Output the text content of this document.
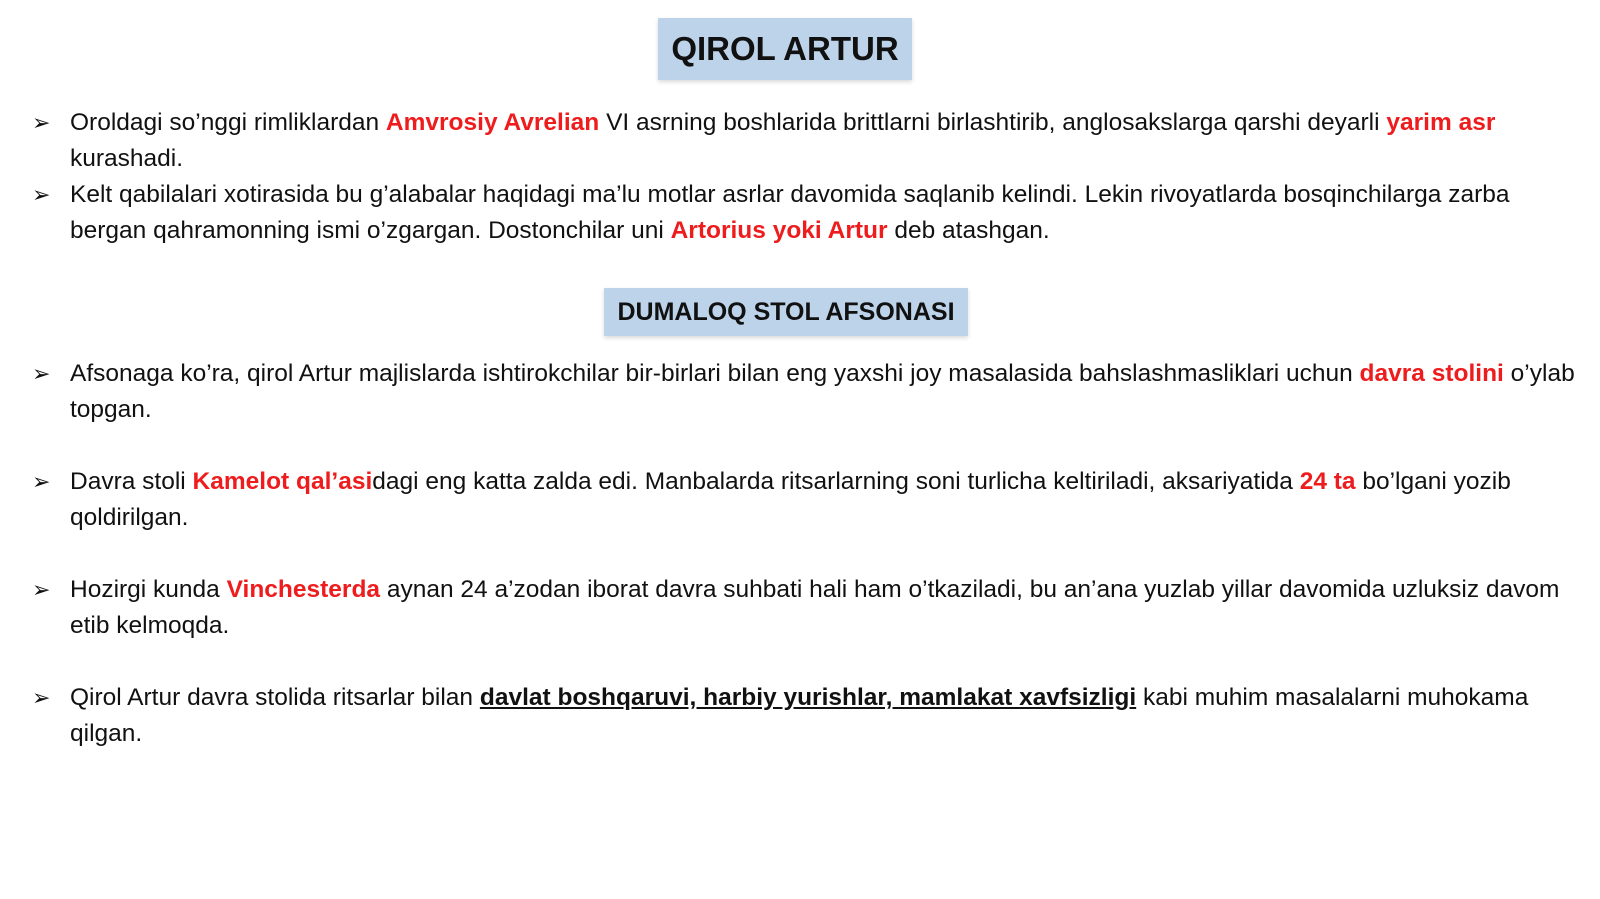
QIROL ARTUR
➢ Oroldagi so’nggi rimliklardan Amvrosiy Avrelian VI asrning boshlarida brittlarni birlashtirib, anglosakslarga qarshi deyarli yarim asr kurashadi.
➢ Kelt qabilalari xotirasida bu g’alabalar haqidagi ma’lu motlar asrlar davomida saqlanib kelindi. Lekin rivoyatlarda bosqinchilarga zarba bergan qahramonning ismi o’zgargan. Dostonchilar uni Artorius yoki Artur deb atashgan.
DUMALOQ STOL AFSONASI
➢ Afsonaga ko’ra, qirol Artur majlislarda ishtirokchilar bir-birlari bilan eng yaxshi joy masalasida bahslashmasliklari uchun davra stolini o’ylab topgan.
➢ Davra stoli Kamelot qal’asidagi eng katta zalda edi. Manbalarda ritsarlarning soni turlicha keltiriladi, aksariyatida 24 ta bo’lgani yozib qoldirilgan.
➢ Hozirgi kunda Vinchesterda aynan 24 a’zodan iborat davra suhbati hali ham o’tkaziladi, bu an’ana yuzlab yillar davomida uzluksiz davom etib kelmoqda.
➢ Qirol Artur davra stolida ritsarlar bilan davlat boshqaruvi, harbiy yurishlar, mamlakat xavfsizligi kabi muhim masalalarni muhokama qilgan.
